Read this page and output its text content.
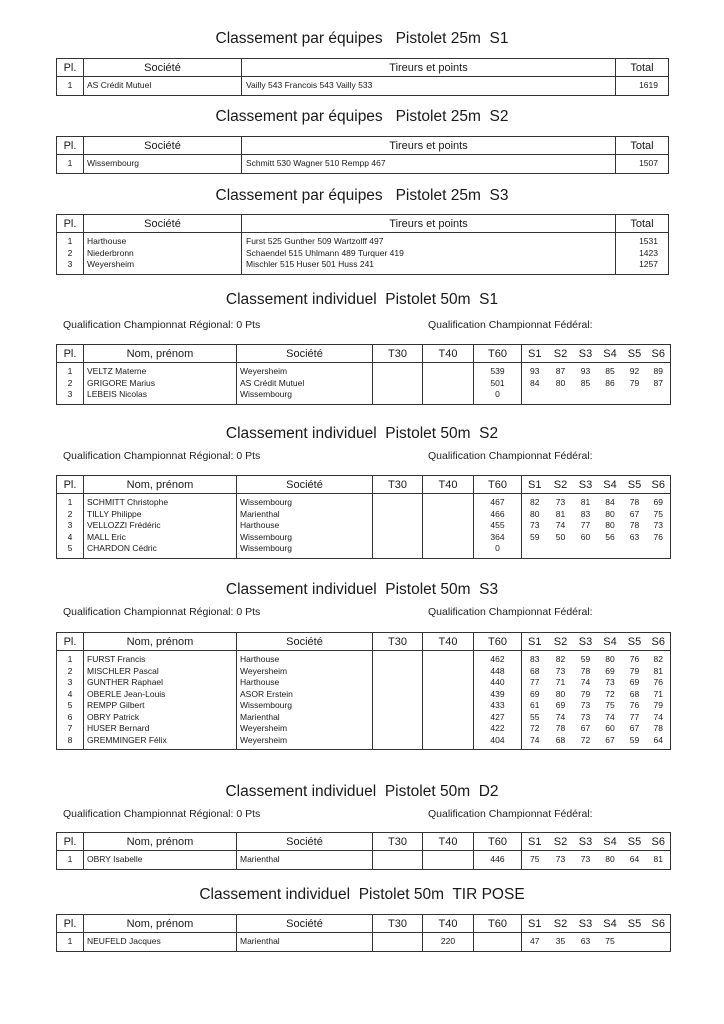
Classement par équipes   Pistolet 25m  S1
Pl.	Société	Tireurs et points	Total
1	AS Crédit Mutuel	Vailly 543 Francois 543 Vailly 533	1619
Classement par équipes   Pistolet 25m  S2
Pl.	Société	Tireurs et points	Total
1	Wissembourg	Schmitt 530 Wagner 510 Rempp 467	1507
Classement par équipes   Pistolet 25m  S3
Pl.	Société	Tireurs et points	Total
1	Harthouse	Furst 525 Gunther 509 Wartzolff 497	1531
2	Niederbronn	Schaendel 515 Uhlmann 489 Turquer 419	1423
3	Weyersheim	Mischler 515 Huser 501 Huss 241	1257
Classement individuel  Pistolet 50m  S1
Qualification Championnat Régional: 0 Pts	Qualification Championnat Fédéral:
Pl.	Nom, prénom	Société	T30	T40	T60	S1	S2	S3	S4	S5	S6
1	VELTZ Materne	Weyersheim			539	93	87	93	85	92	89
2	GRIGORE Marius	AS Crédit Mutuel			501	84	80	85	86	79	87
3	LEBEIS Nicolas	Wissembourg			0						
Classement individuel  Pistolet 50m  S2
Qualification Championnat Régional: 0 Pts	Qualification Championnat Fédéral:
Pl.	Nom, prénom	Société	T30	T40	T60	S1	S2	S3	S4	S5	S6
1	SCHMITT Christophe	Wissembourg			467	82	73	81	84	78	69
2	TILLY Philippe	Marienthal			466	80	81	83	80	67	75
3	VELLOZZI Frédéric	Harthouse			455	73	74	77	80	78	73
4	MALL Eric	Wissembourg			364	59	50	60	56	63	76
5	CHARDON Cédric	Wissembourg			0						
Classement individuel  Pistolet 50m  S3
Qualification Championnat Régional: 0 Pts	Qualification Championnat Fédéral:
Pl.	Nom, prénom	Société	T30	T40	T60	S1	S2	S3	S4	S5	S6
1	FURST Francis	Harthouse			462	83	82	59	80	76	82
2	MISCHLER Pascal	Weyersheim			448	68	73	78	69	79	81
3	GUNTHER Raphael	Harthouse			440	77	71	74	73	69	76
4	OBERLE Jean-Louis	ASOR Erstein			439	69	80	79	72	68	71
5	REMPP Gilbert	Wissembourg			433	61	69	73	75	76	79
6	OBRY Patrick	Marienthal			427	55	74	73	74	77	74
7	HUSER Bernard	Weyersheim			422	72	78	67	60	67	78
8	GREMMINGER Félix	Weyersheim			404	74	68	72	67	59	64
Classement individuel  Pistolet 50m  D2
Qualification Championnat Régional: 0 Pts	Qualification Championnat Fédéral:
Pl.	Nom, prénom	Société	T30	T40	T60	S1	S2	S3	S4	S5	S6
1	OBRY Isabelle	Marienthal			446	75	73	73	80	64	81
Classement individuel  Pistolet 50m  TIR POSE
Pl.	Nom, prénom	Société	T30	T40	T60	S1	S2	S3	S4	S5	S6
1	NEUFELD Jacques	Marienthal		220		47	35	63	75		
